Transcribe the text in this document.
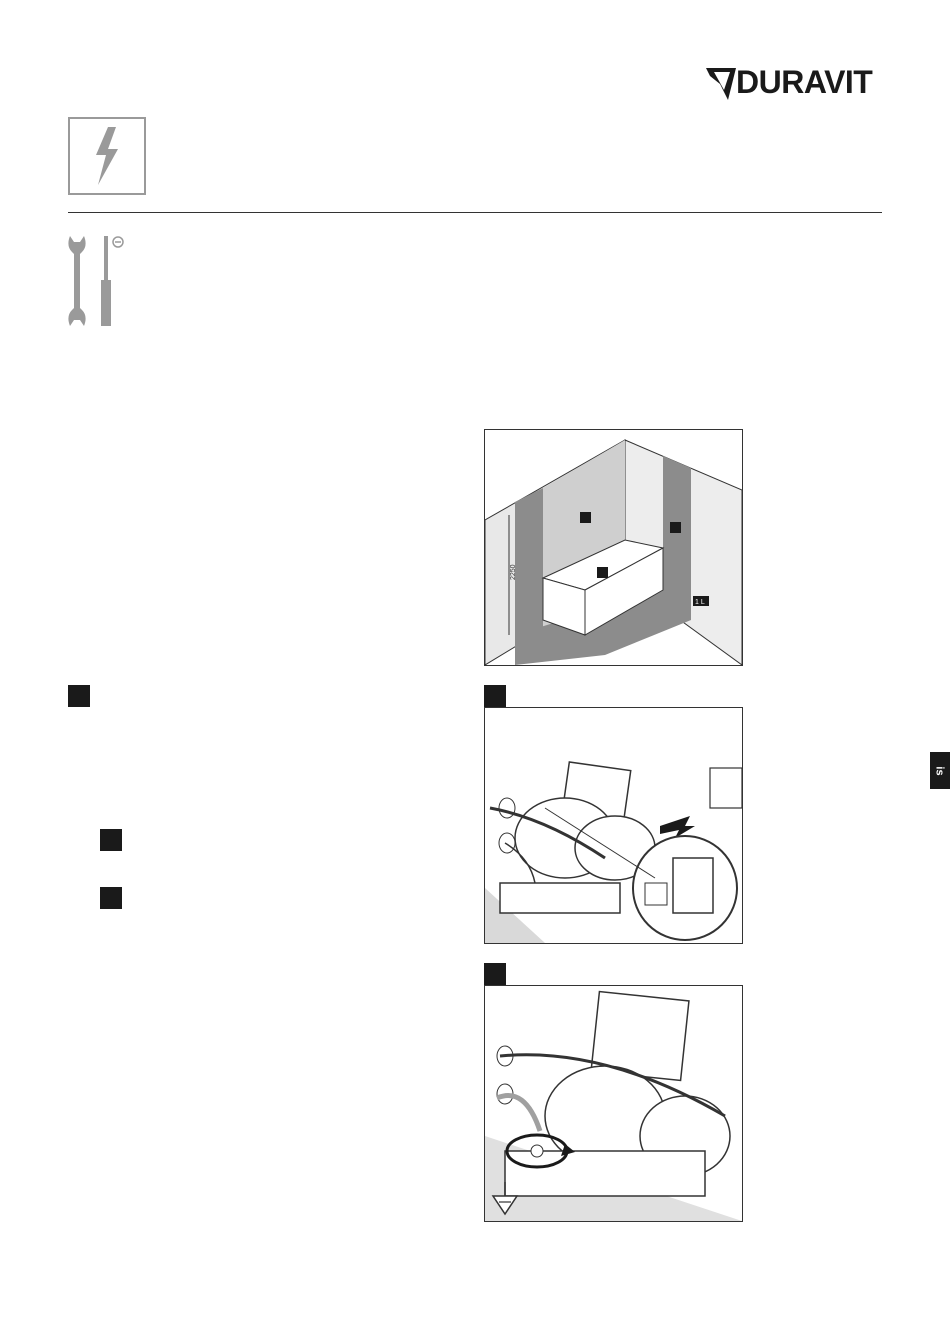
DURAVIT
2250
1 L
is
